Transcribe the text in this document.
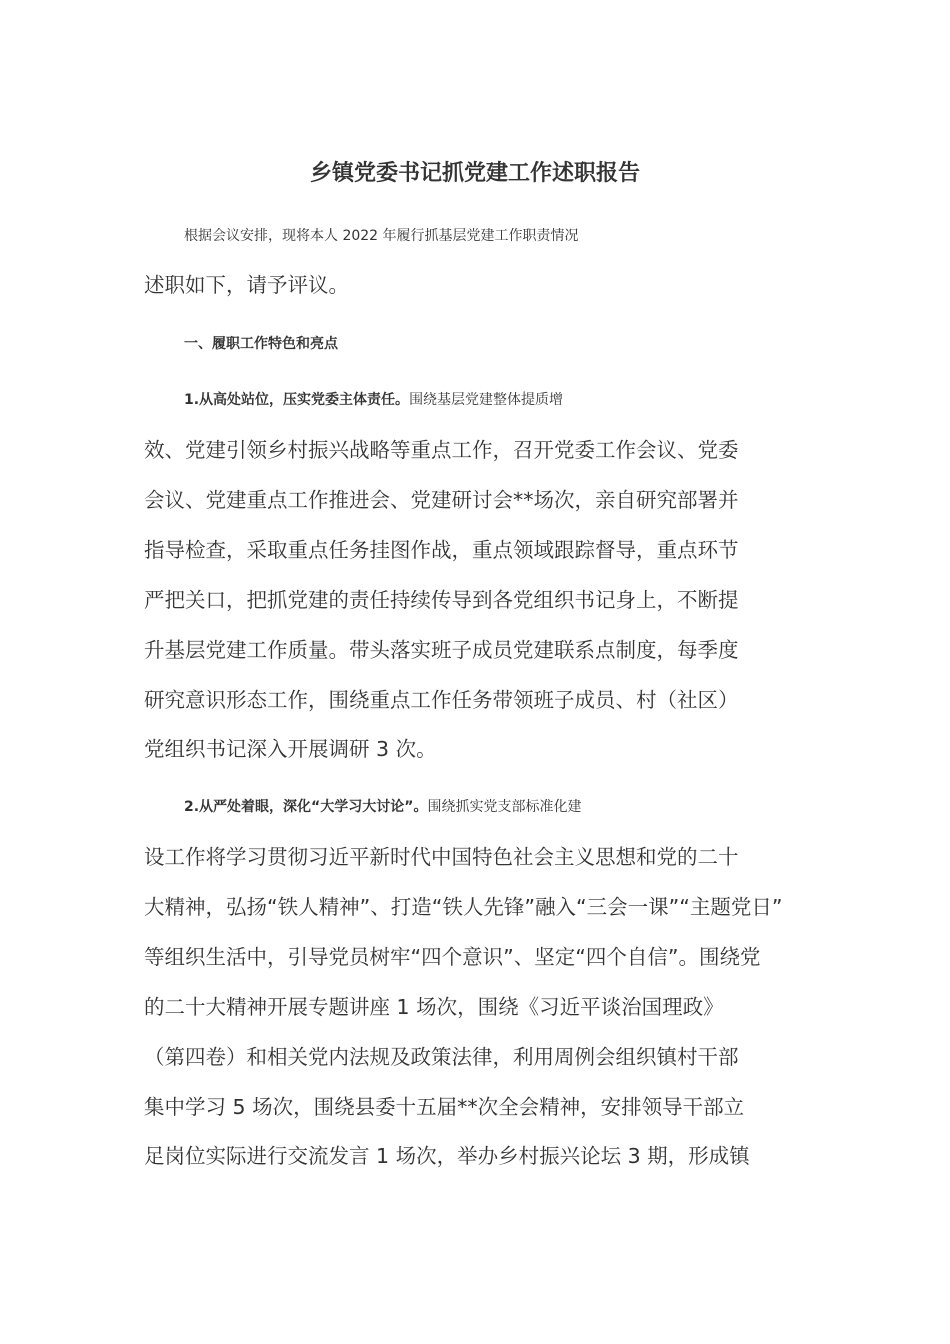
乡镇党委书记抓党建工作述职报告
根据会议安排，现将本人 2022 年履行抓基层党建工作职责情况
述职如下，请予评议。
一、履职工作特色和亮点
1.从高处站位，压实党委主体责任。围绕基层党建整体提质增
效、党建引领乡村振兴战略等重点工作，召开党委工作会议、党委
会议、党建重点工作推进会、党建研讨会**场次，亲自研究部署并
指导检查，采取重点任务挂图作战，重点领域跟踪督导，重点环节
严把关口，把抓党建的责任持续传导到各党组织书记身上，不断提
升基层党建工作质量。带头落实班子成员党建联系点制度，每季度
研究意识形态工作，围绕重点工作任务带领班子成员、村（社区）
党组织书记深入开展调研 3 次。
2.从严处着眼，深化“大学习大讨论”。围绕抓实党支部标准化建
设工作将学习贯彻习近平新时代中国特色社会主义思想和党的二十
大精神，弘扬“铁人精神”、打造“铁人先锋”融入“三会一课”“主题党日”
等组织生活中，引导党员树牢“四个意识”、坚定“四个自信”。围绕党
的二十大精神开展专题讲座 1 场次，围绕《习近平谈治国理政》
（第四卷）和相关党内法规及政策法律，利用周例会组织镇村干部
集中学习 5 场次，围绕县委十五届**次全会精神，安排领导干部立
足岗位实际进行交流发言 1 场次，举办乡村振兴论坛 3 期，形成镇
